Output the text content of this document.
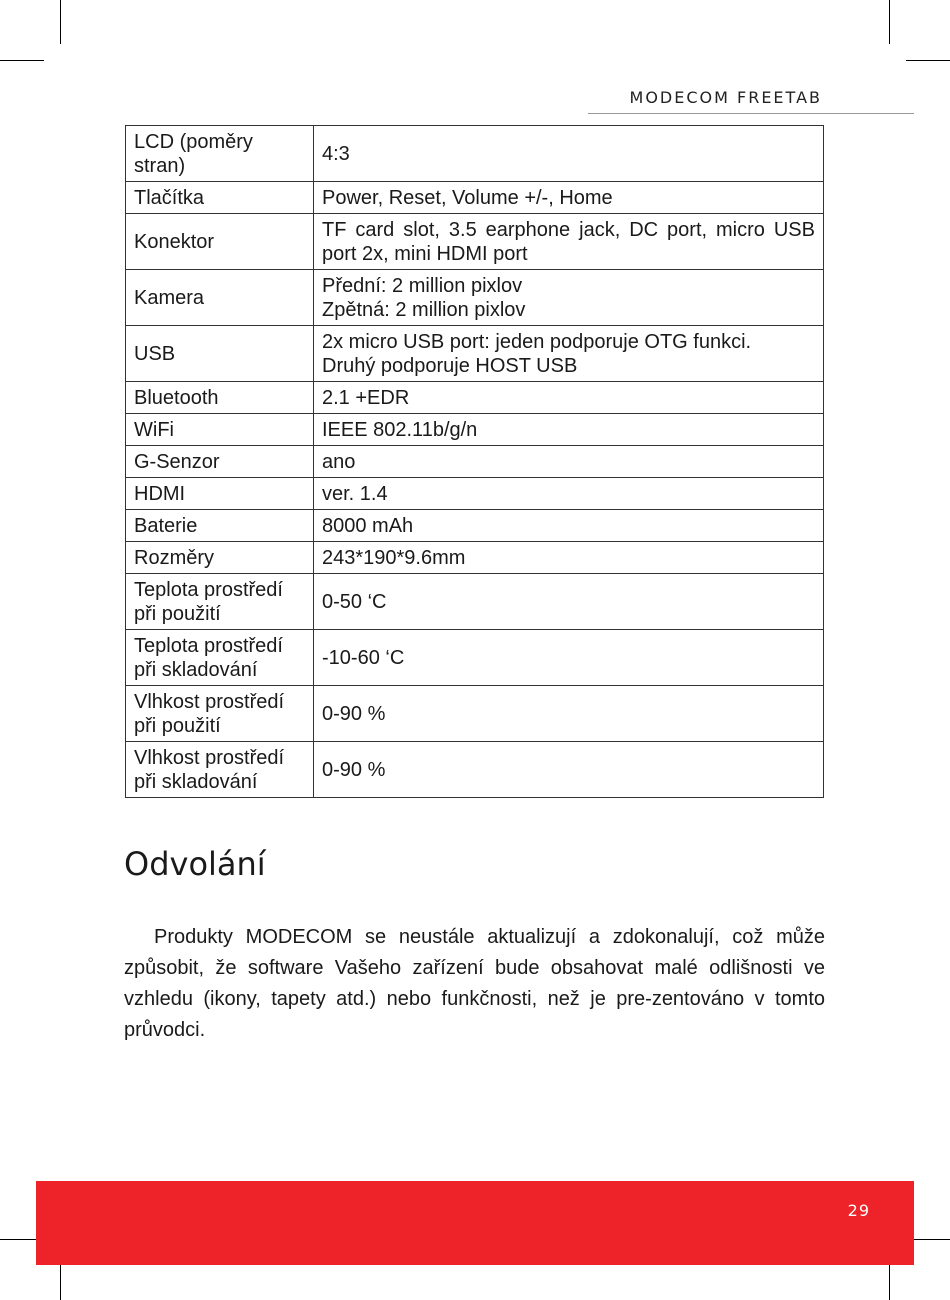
MODECOM FREETAB
LCD (poměry stran)	4:3
Tlačítka	Power, Reset, Volume +/-, Home
Konektor	TF card slot, 3.5 earphone jack, DC port, micro USB port 2x, mini HDMI port
Kamera	Přední: 2 million pixlov
Zpětná: 2 million pixlov

USB	2x micro USB port: jeden podporuje OTG funkci.
Druhý podporuje HOST USB

Bluetooth	2.1 +EDR
WiFi	IEEE 802.11b/g/n
G-Senzor	ano
HDMI	ver. 1.4
Baterie	8000 mAh
Rozměry	243*190*9.6mm
Teplota prostředí při použití	0-50 ‘C
Teplota prostředí při skladování	-10-60 ‘C
Vlhkost prostředí při použití	0-90 %
Vlhkost prostředí při skladování	0-90 %
Odvolání

Produkty MODECOM se neustále aktualizují a zdokonalují, což může způsobit, že software Vašeho zařízení bude obsahovat malé odlišnosti ve vzhledu (ikony, tapety atd.) nebo funkčnosti, než je pre-zentováno v tomto průvodci.

29
